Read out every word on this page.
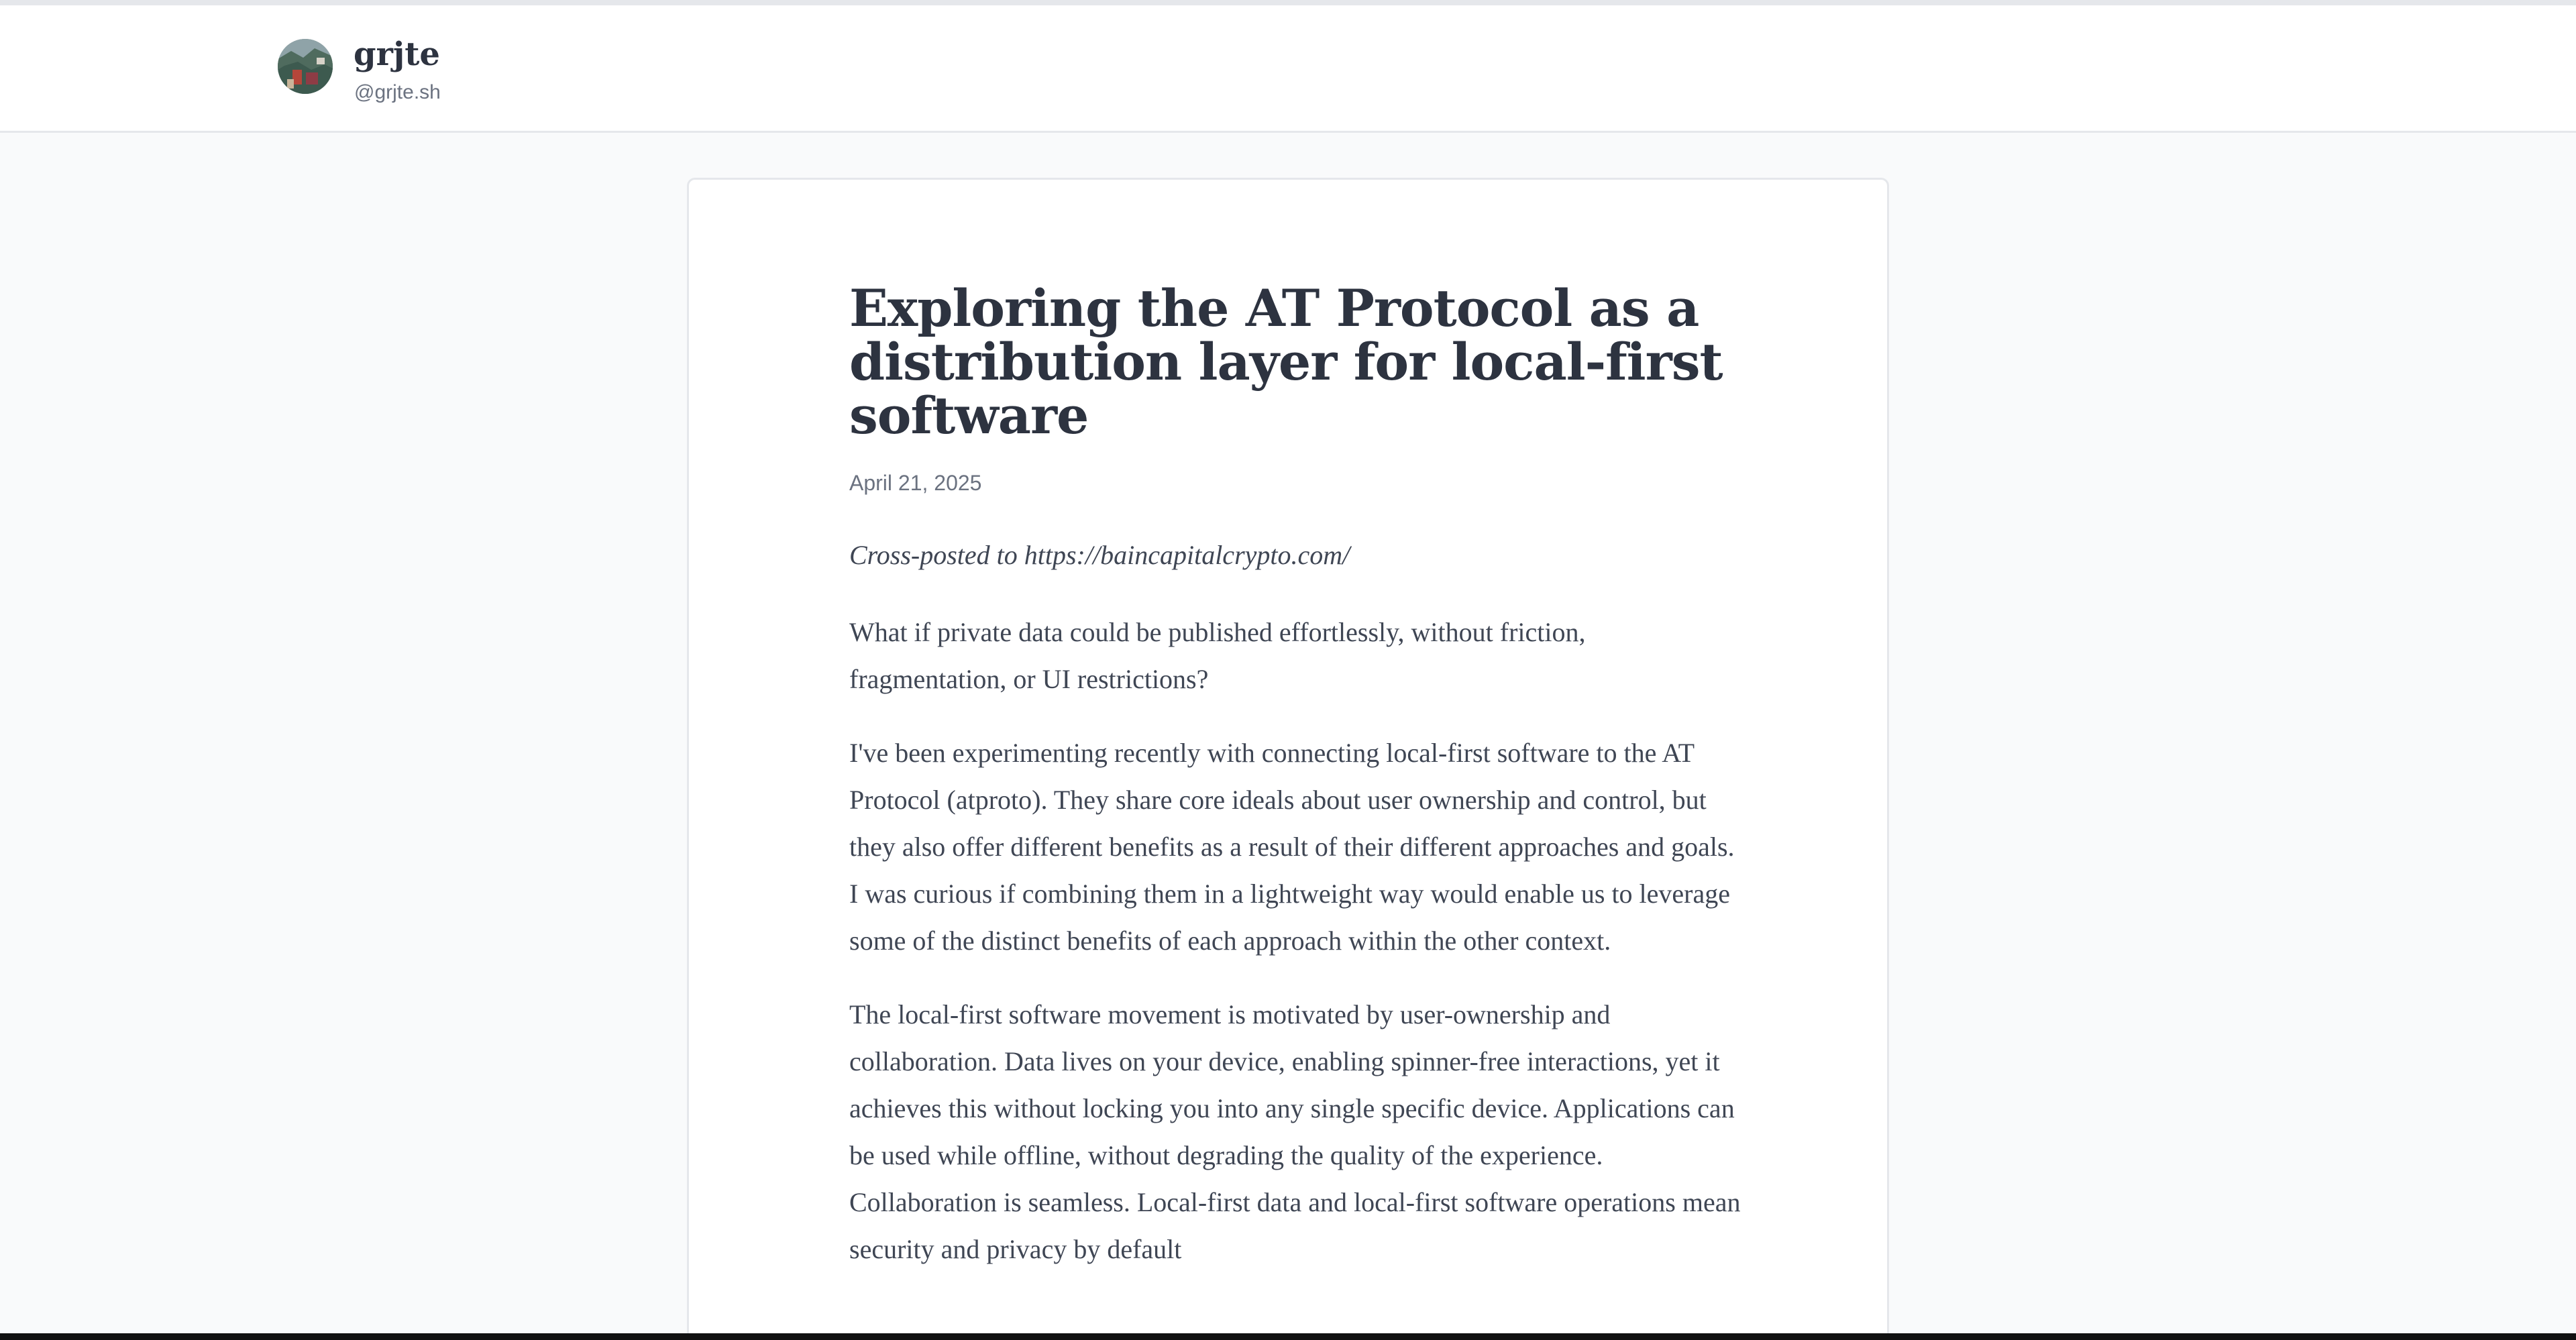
grjte
@grjte.sh
Exploring the AT Protocol as a distribution layer for local-first software
April 21, 2025

Cross-posted to https://baincapitalcrypto.com/

What if private data could be published effortlessly, without friction, fragmentation, or UI restrictions?

I've been experimenting recently with connecting local-first software to the AT Protocol (atproto). They share core ideals about user ownership and control, but they also offer different benefits as a result of their different approaches and goals. I was curious if combining them in a lightweight way would enable us to leverage some of the distinct benefits of each approach within the other context.

The local-first software movement is motivated by user-ownership and collaboration. Data lives on your device, enabling spinner-free interactions, yet it achieves this without locking you into any single specific device. Applications can be used while offline, without degrading the quality of the experience. Collaboration is seamless. Local-first data and local-first software operations mean security and privacy by default
